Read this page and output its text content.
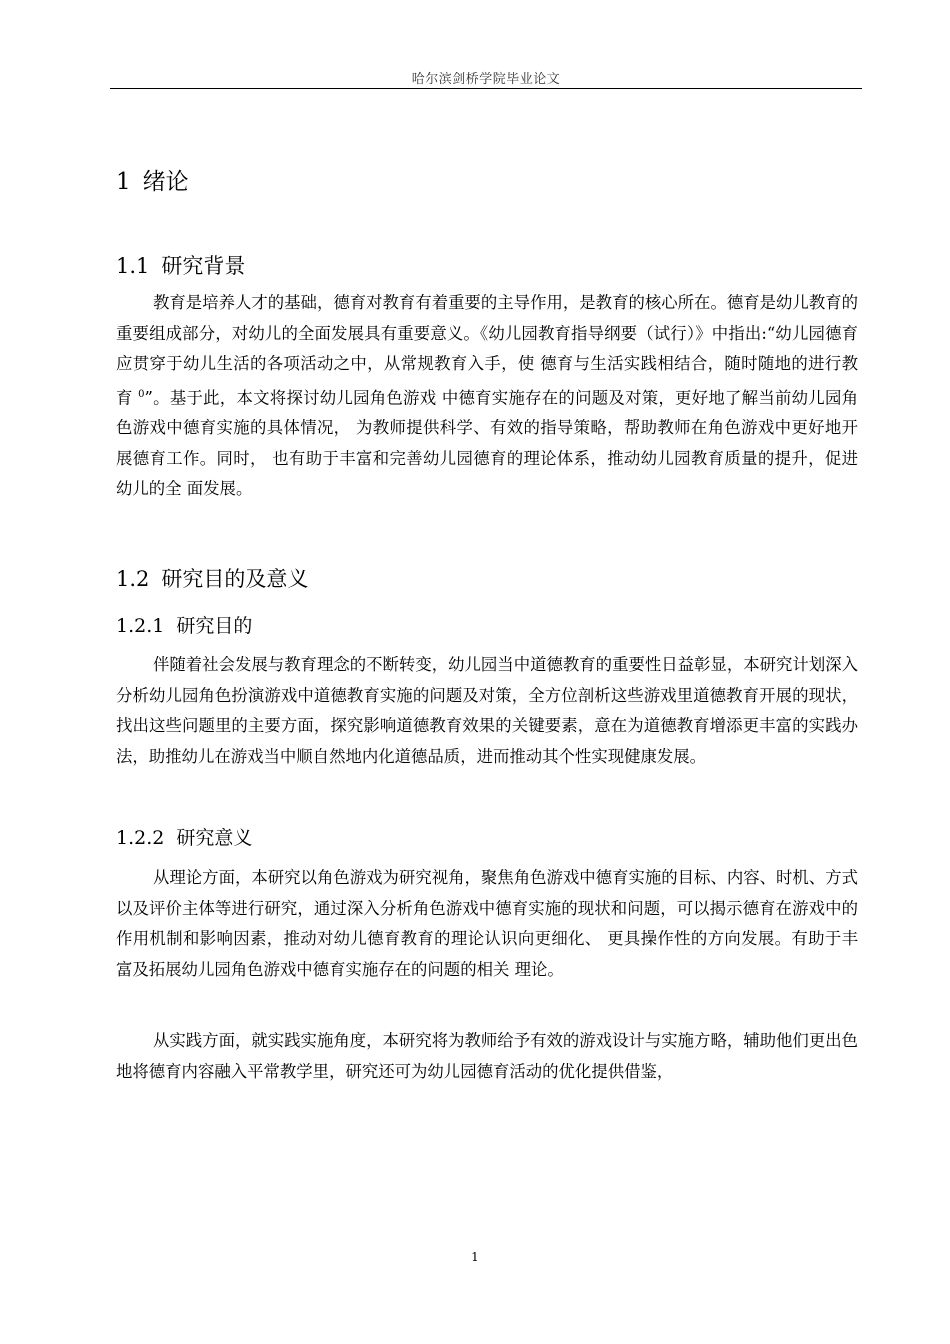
哈尔滨剑桥学院毕业论文
1 绪论
1.1 研究背景

教育是培养人才的基础，德育对教育有着重要的主导作用，是教育的核心所在。德育是幼儿教育的重要组成部分，对幼儿的全面发展具有重要意义。《幼儿园教育指导纲要（试行）》中指出:“幼儿园德育应贯穿于幼儿生活的各项活动之中，从常规教育入手，使 德育与生活实践相结合，随时随地的进行教育 $^0$”。基于此，本文将探讨幼儿园角色游戏 中德育实施存在的问题及对策，更好地了解当前幼儿园角色游戏中德育实施的具体情况， 为教师提供科学、有效的指导策略，帮助教师在角色游戏中更好地开展德育工作。同时， 也有助于丰富和完善幼儿园德育的理论体系，推动幼儿园教育质量的提升，促进幼儿的全 面发展。

1.2 研究目的及意义
1.2.1 研究目的

伴随着社会发展与教育理念的不断转变，幼儿园当中道德教育的重要性日益彰显，本研究计划深入分析幼儿园角色扮演游戏中道德教育实施的问题及对策，全方位剖析这些游戏里道德教育开展的现状，找出这些问题里的主要方面，探究影响道德教育效果的关键要素，意在为道德教育增添更丰富的实践办法，助推幼儿在游戏当中顺自然地内化道德品质，进而推动其个性实现健康发展。

1.2.2 研究意义

从理论方面，本研究以角色游戏为研究视角，聚焦角色游戏中德育实施的目标、内容、时机、方式以及评价主体等进行研究，通过深入分析角色游戏中德育实施的现状和问题，可以揭示德育在游戏中的作用机制和影响因素，推动对幼儿德育教育的理论认识向更细化、 更具操作性的方向发展。有助于丰富及拓展幼儿园角色游戏中德育实施存在的问题的相关 理论。

从实践方面，就实践实施角度，本研究将为教师给予有效的游戏设计与实施方略，辅助他们更出色地将德育内容融入平常教学里，研究还可为幼儿园德育活动的优化提供借鉴，

1
